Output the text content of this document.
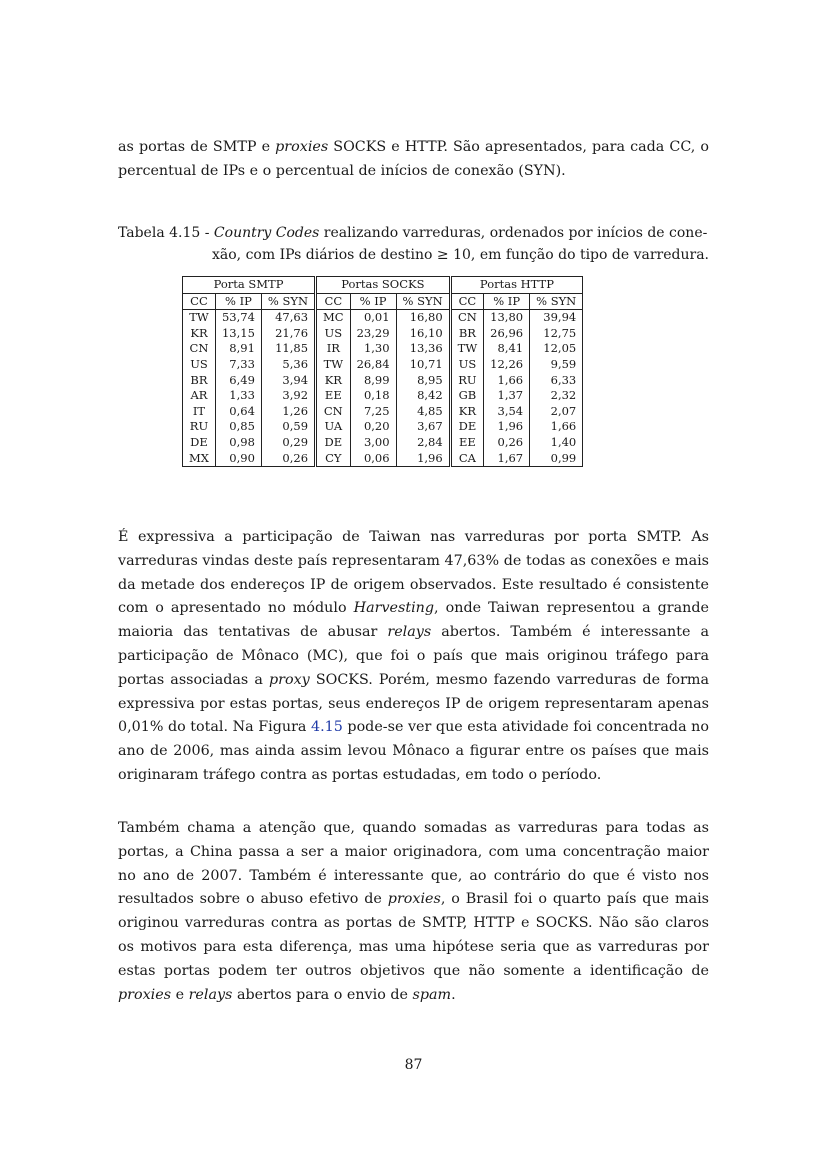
as portas de SMTP e proxies SOCKS e HTTP. São apresentados, para cada CC, o percentual de IPs e o percentual de inícios de conexão (SYN).

Tabela 4.15 - Country Codes realizando varreduras, ordenados por inícios de cone-
xão, com IPs diários de destino ≥ 10, em função do tipo de varredura.
Porta SMTP			Portas SOCKS			Portas HTTP		
CC	% IP	% SYN	CC	% IP	% SYN	CC	% IP	% SYN
TW	53,74	47,63	MC	0,01	16,80	CN	13,80	39,94
KR	13,15	21,76	US	23,29	16,10	BR	26,96	12,75
CN	8,91	11,85	IR	1,30	13,36	TW	8,41	12,05
US	7,33	5,36	TW	26,84	10,71	US	12,26	9,59
BR	6,49	3,94	KR	8,99	8,95	RU	1,66	6,33
AR	1,33	3,92	EE	0,18	8,42	GB	1,37	2,32
IT	0,64	1,26	CN	7,25	4,85	KR	3,54	2,07
RU	0,85	0,59	UA	0,20	3,67	DE	1,96	1,66
DE	0,98	0,29	DE	3,00	2,84	EE	0,26	1,40
MX	0,90	0,26	CY	0,06	1,96	CA	1,67	0,99

É expressiva a participação de Taiwan nas varreduras por porta SMTP. As varreduras vindas deste país representaram 47,63% de todas as conexões e mais da metade dos endereços IP de origem observados. Este resultado é consistente com o apresentado no módulo Harvesting, onde Taiwan representou a grande maioria das tentativas de abusar relays abertos. Também é interessante a participação de Mônaco (MC), que foi o país que mais originou tráfego para portas associadas a proxy SOCKS. Porém, mesmo fazendo varreduras de forma expressiva por estas portas, seus endereços IP de origem representaram apenas 0,01% do total. Na Figura 4.15 pode-se ver que esta atividade foi concentrada no ano de 2006, mas ainda assim levou Mônaco a figurar entre os países que mais originaram tráfego contra as portas estudadas, em todo o período.

Também chama a atenção que, quando somadas as varreduras para todas as portas, a China passa a ser a maior originadora, com uma concentração maior no ano de 2007. Também é interessante que, ao contrário do que é visto nos resultados sobre o abuso efetivo de proxies, o Brasil foi o quarto país que mais originou varreduras contra as portas de SMTP, HTTP e SOCKS. Não são claros os motivos para esta diferença, mas uma hipótese seria que as varreduras por estas portas podem ter outros objetivos que não somente a identificação de proxies e relays abertos para o envio de spam.

87
